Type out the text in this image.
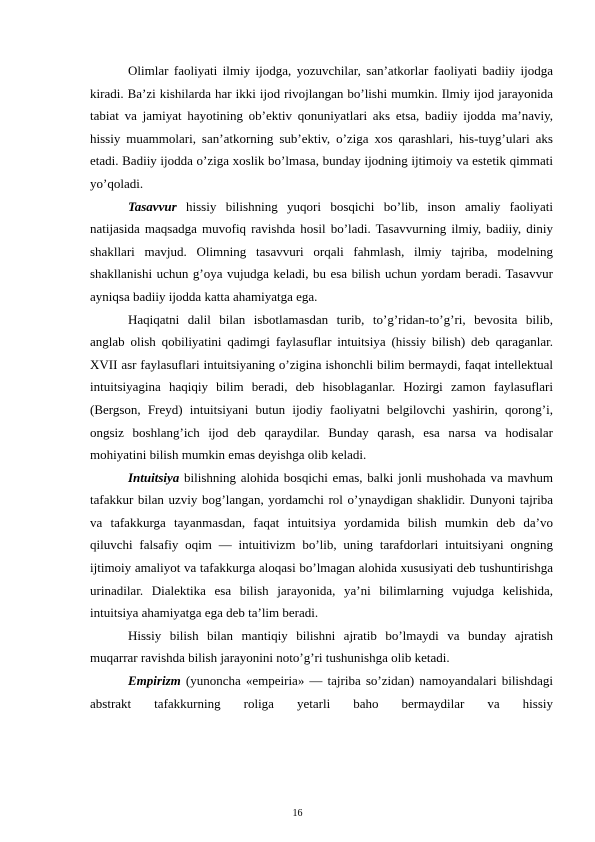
Olimlar faoliyati ilmiy ijodga, yozuvchilar, san’atkorlar faoliyati badiiy ijodga kiradi. Ba’zi kishilarda har ikki ijod rivojlangan bo’lishi mumkin. Ilmiy ijod jarayonida tabiat va jamiyat hayotining ob’ektiv qonuniyatlari aks etsa, badiiy ijodda ma’naviy, hissiy muammolari, san’atkorning sub’ektiv, o’ziga xos qarashlari, his-tuyg’ulari aks etadi. Badiiy ijodda o’ziga xoslik bo’lmasa, bunday ijodning ijtimoiy va estetik qimmati yo’qoladi.

Tasavvur hissiy bilishning yuqori bosqichi bo’lib, inson amaliy faoliyati natijasida maqsadga muvofiq ravishda hosil bo’ladi. Tasavvurning ilmiy, badiiy, diniy shakllari mavjud. Olimning tasavvuri orqali fahmlash, ilmiy tajriba, modelning shakllanishi uchun g’oya vujudga keladi, bu esa bilish uchun yordam beradi. Tasavvur ayniqsa badiiy ijodda katta ahamiyatga ega.

Haqiqatni dalil bilan isbotlamasdan turib, to’g’ridan-to’g’ri, bevosita bilib, anglab olish qobiliyatini qadimgi faylasuflar intuitsiya (hissiy bilish) deb qaraganlar. XVII asr faylasuflari intuitsiyaning o’zigina ishonchli bilim bermaydi, faqat intellektual intuitsiyagina haqiqiy bilim beradi, deb hisoblaganlar. Hozirgi zamon faylasuflari (Bergson, Freyd) intuitsiyani butun ijodiy faoliyatni belgilovchi yashirin, qorong’i, ongsiz boshlang’ich ijod deb qaraydilar. Bunday qarash, esa narsa va hodisalar mohiyatini bilish mumkin emas deyishga olib keladi.

Intuitsiya bilishning alohida bosqichi emas, balki jonli mushohada va mavhum tafakkur bilan uzviy bog’langan, yordamchi rol o’ynaydigan shaklidir. Dunyoni tajriba va tafakkurga tayanmasdan, faqat intuitsiya yordamida bilish mumkin deb da’vo qiluvchi falsafiy oqim — intuitivizm bo’lib, uning tarafdorlari intuitsiyani ongning ijtimoiy amaliyot va tafakkurga aloqasi bo’lmagan alohida xususiyati deb tushuntirishga urinadilar. Dialektika esa bilish jarayonida, ya’ni bilimlarning vujudga kelishida, intuitsiya ahamiyatga ega deb ta’lim beradi.

Hissiy bilish bilan mantiqiy bilishni ajratib bo’lmaydi va bunday ajratish muqarrar ravishda bilish jarayonini noto’g’ri tushunishga olib ketadi.

Empirizm (yunoncha «empeiria» — tajriba so’zidan) namoyandalari bilishdagi abstrakt tafakkurning roliga yetarli baho bermaydilar va hissiy

16
